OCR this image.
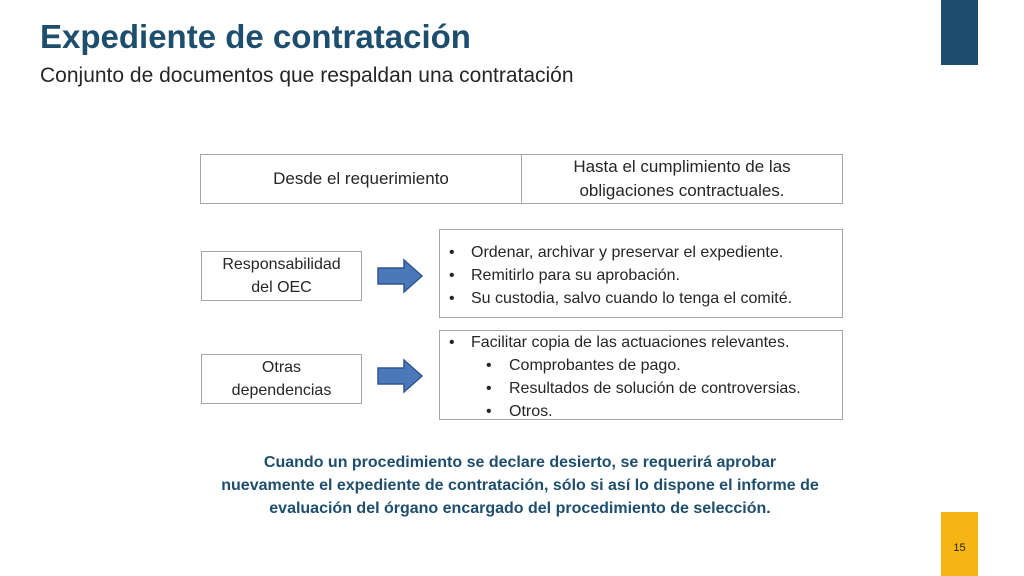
Expediente de contratación
Conjunto de documentos que respaldan una contratación
Desde el requerimiento
Hasta el cumplimiento de las
obligaciones contractuales.
Responsabilidad
del OEC
• Ordenar, archivar y preservar el expediente.
• Remitirlo para su aprobación.
• Su custodia, salvo cuando lo tenga el comité.
Otras
dependencias
• Facilitar copia de las actuaciones relevantes.
• Comprobantes de pago.
• Resultados de solución de controversias.
• Otros.
Cuando un procedimiento se declare desierto, se requerirá aprobar
nuevamente el expediente de contratación, sólo si así lo dispone el informe de
evaluación del órgano encargado del procedimiento de selección.
15
